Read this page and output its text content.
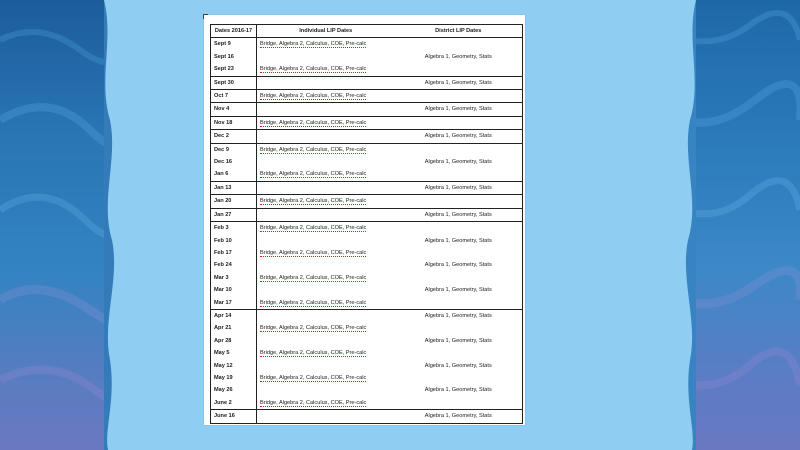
Dates 2016-17	Individual LIP Dates	District LIP Dates
Sept 9	Bridge, Algebra 2, Calculus, COE, Pre-calc	
Sept 16		Algebra 1, Geometry, Stats
Sept 23	Bridge, Algebra 2, Calculus, COE, Pre-calc	
Sept 30		Algebra 1, Geometry, Stats
Oct 7	Bridge, Algebra 2, Calculus, COE, Pre-calc	
Nov 4		Algebra 1, Geometry, Stats
Nov 18	Bridge, Algebra 2, Calculus, COE, Pre-calc	
Dec 2		Algebra 1, Geometry, Stats
Dec 9	Bridge, Algebra 2, Calculus, COE, Pre-calc	
Dec 16		Algebra 1, Geometry, Stats
Jan 6	Bridge, Algebra 2, Calculus, COE, Pre-calc	
Jan 13		Algebra 1, Geometry, Stats
Jan 20	Bridge, Algebra 2, Calculus, COE, Pre-calc	
Jan 27		Algebra 1, Geometry, Stats
Feb 3	Bridge, Algebra 2, Calculus, COE, Pre-calc	
Feb 10		Algebra 1, Geometry, Stats
Feb 17	Bridge, Algebra 2, Calculus, COE, Pre-calc	
Feb 24		Algebra 1, Geometry, Stats
Mar 3	Bridge, Algebra 2, Calculus, COE, Pre-calc	
Mar 10		Algebra 1, Geometry, Stats
Mar 17	Bridge, Algebra 2, Calculus, COE, Pre-calc	
Apr 14		Algebra 1, Geometry, Stats
Apr 21	Bridge, Algebra 2, Calculus, COE, Pre-calc	
Apr 28		Algebra 1, Geometry, Stats
May 5	Bridge, Algebra 2, Calculus, COE, Pre-calc	
May 12		Algebra 1, Geometry, Stats
May 19	Bridge, Algebra 2, Calculus, COE, Pre-calc	
May 26		Algebra 1, Geometry, Stats
June 2	Bridge, Algebra 2, Calculus, COE, Pre-calc	
June 16		Algebra 1, Geometry, Stats
